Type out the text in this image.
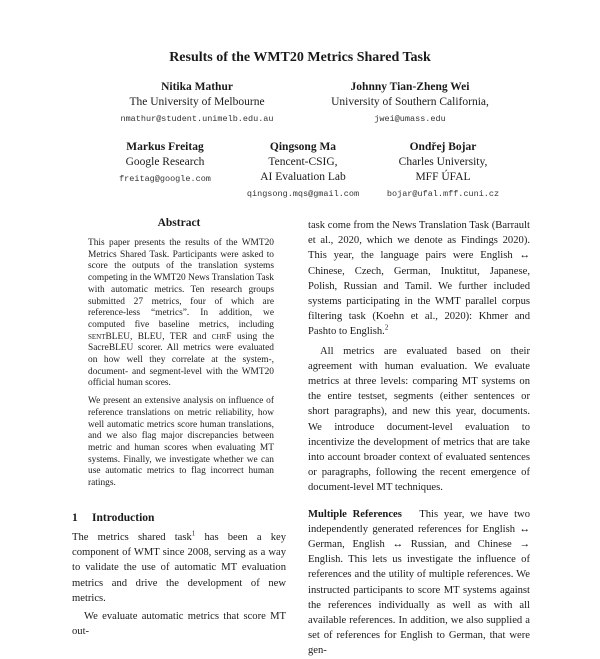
Results of the WMT20 Metrics Shared Task
Nitika Mathur
The University of Melbourne
nmathur@student.unimelb.edu.au
Johnny Tian-Zheng Wei
University of Southern California,
jwei@umass.edu
Markus Freitag
Google Research
freitag@google.com
Qingsong Ma
Tencent-CSIG,
AI Evaluation Lab
qingsong.mqs@gmail.com
Ondřej Bojar
Charles University,
MFF ÚFAL
bojar@ufal.mff.cuni.cz
Abstract

This paper presents the results of the WMT20 Metrics Shared Task. Participants were asked to score the outputs of the translation systems competing in the WMT20 News Translation Task with automatic metrics. Ten research groups submitted 27 metrics, four of which are reference-less “metrics”. In addition, we computed five baseline metrics, including sentBLEU, BLEU, TER and chrF using the SacreBLEU scorer. All metrics were evaluated on how well they correlate at the system-, document- and segment-level with the WMT20 official human scores.

We present an extensive analysis on influence of reference translations on metric reliability, how well automatic metrics score human translations, and we also flag major discrepancies between metric and human scores when evaluating MT systems. Finally, we investigate whether we can use automatic metrics to flag incorrect human ratings.

1 Introduction

The metrics shared task$^1$ has been a key component of WMT since 2008, serving as a way to validate the use of automatic MT evaluation metrics and drive the development of new metrics.

We evaluate automatic metrics that score MT out-

task come from the News Translation Task (Barrault et al., 2020, which we denote as Findings 2020). This year, the language pairs were English ↔ Chinese, Czech, German, Inuktitut, Japanese, Polish, Russian and Tamil. We further included systems participating in the WMT parallel corpus filtering task (Koehn et al., 2020): Khmer and Pashto to English.$^2$

All metrics are evaluated based on their agreement with human evaluation. We evaluate metrics at three levels: comparing MT systems on the entire testset, segments (either sentences or short paragraphs), and new this year, documents. We introduce document-level evaluation to incentivize the development of metrics that are take into account broader context of evaluated sentences or paragraphs, following the recent emergence of document-level MT techniques.

Multiple References This year, we have two independently generated references for English ↔ German, English ↔ Russian, and Chinese → English. This lets us investigate the influence of references and the utility of multiple references. We instructed participants to score MT systems against the references individually as well as with all available references. In addition, we also supplied a set of references for English to German, that were gen-
